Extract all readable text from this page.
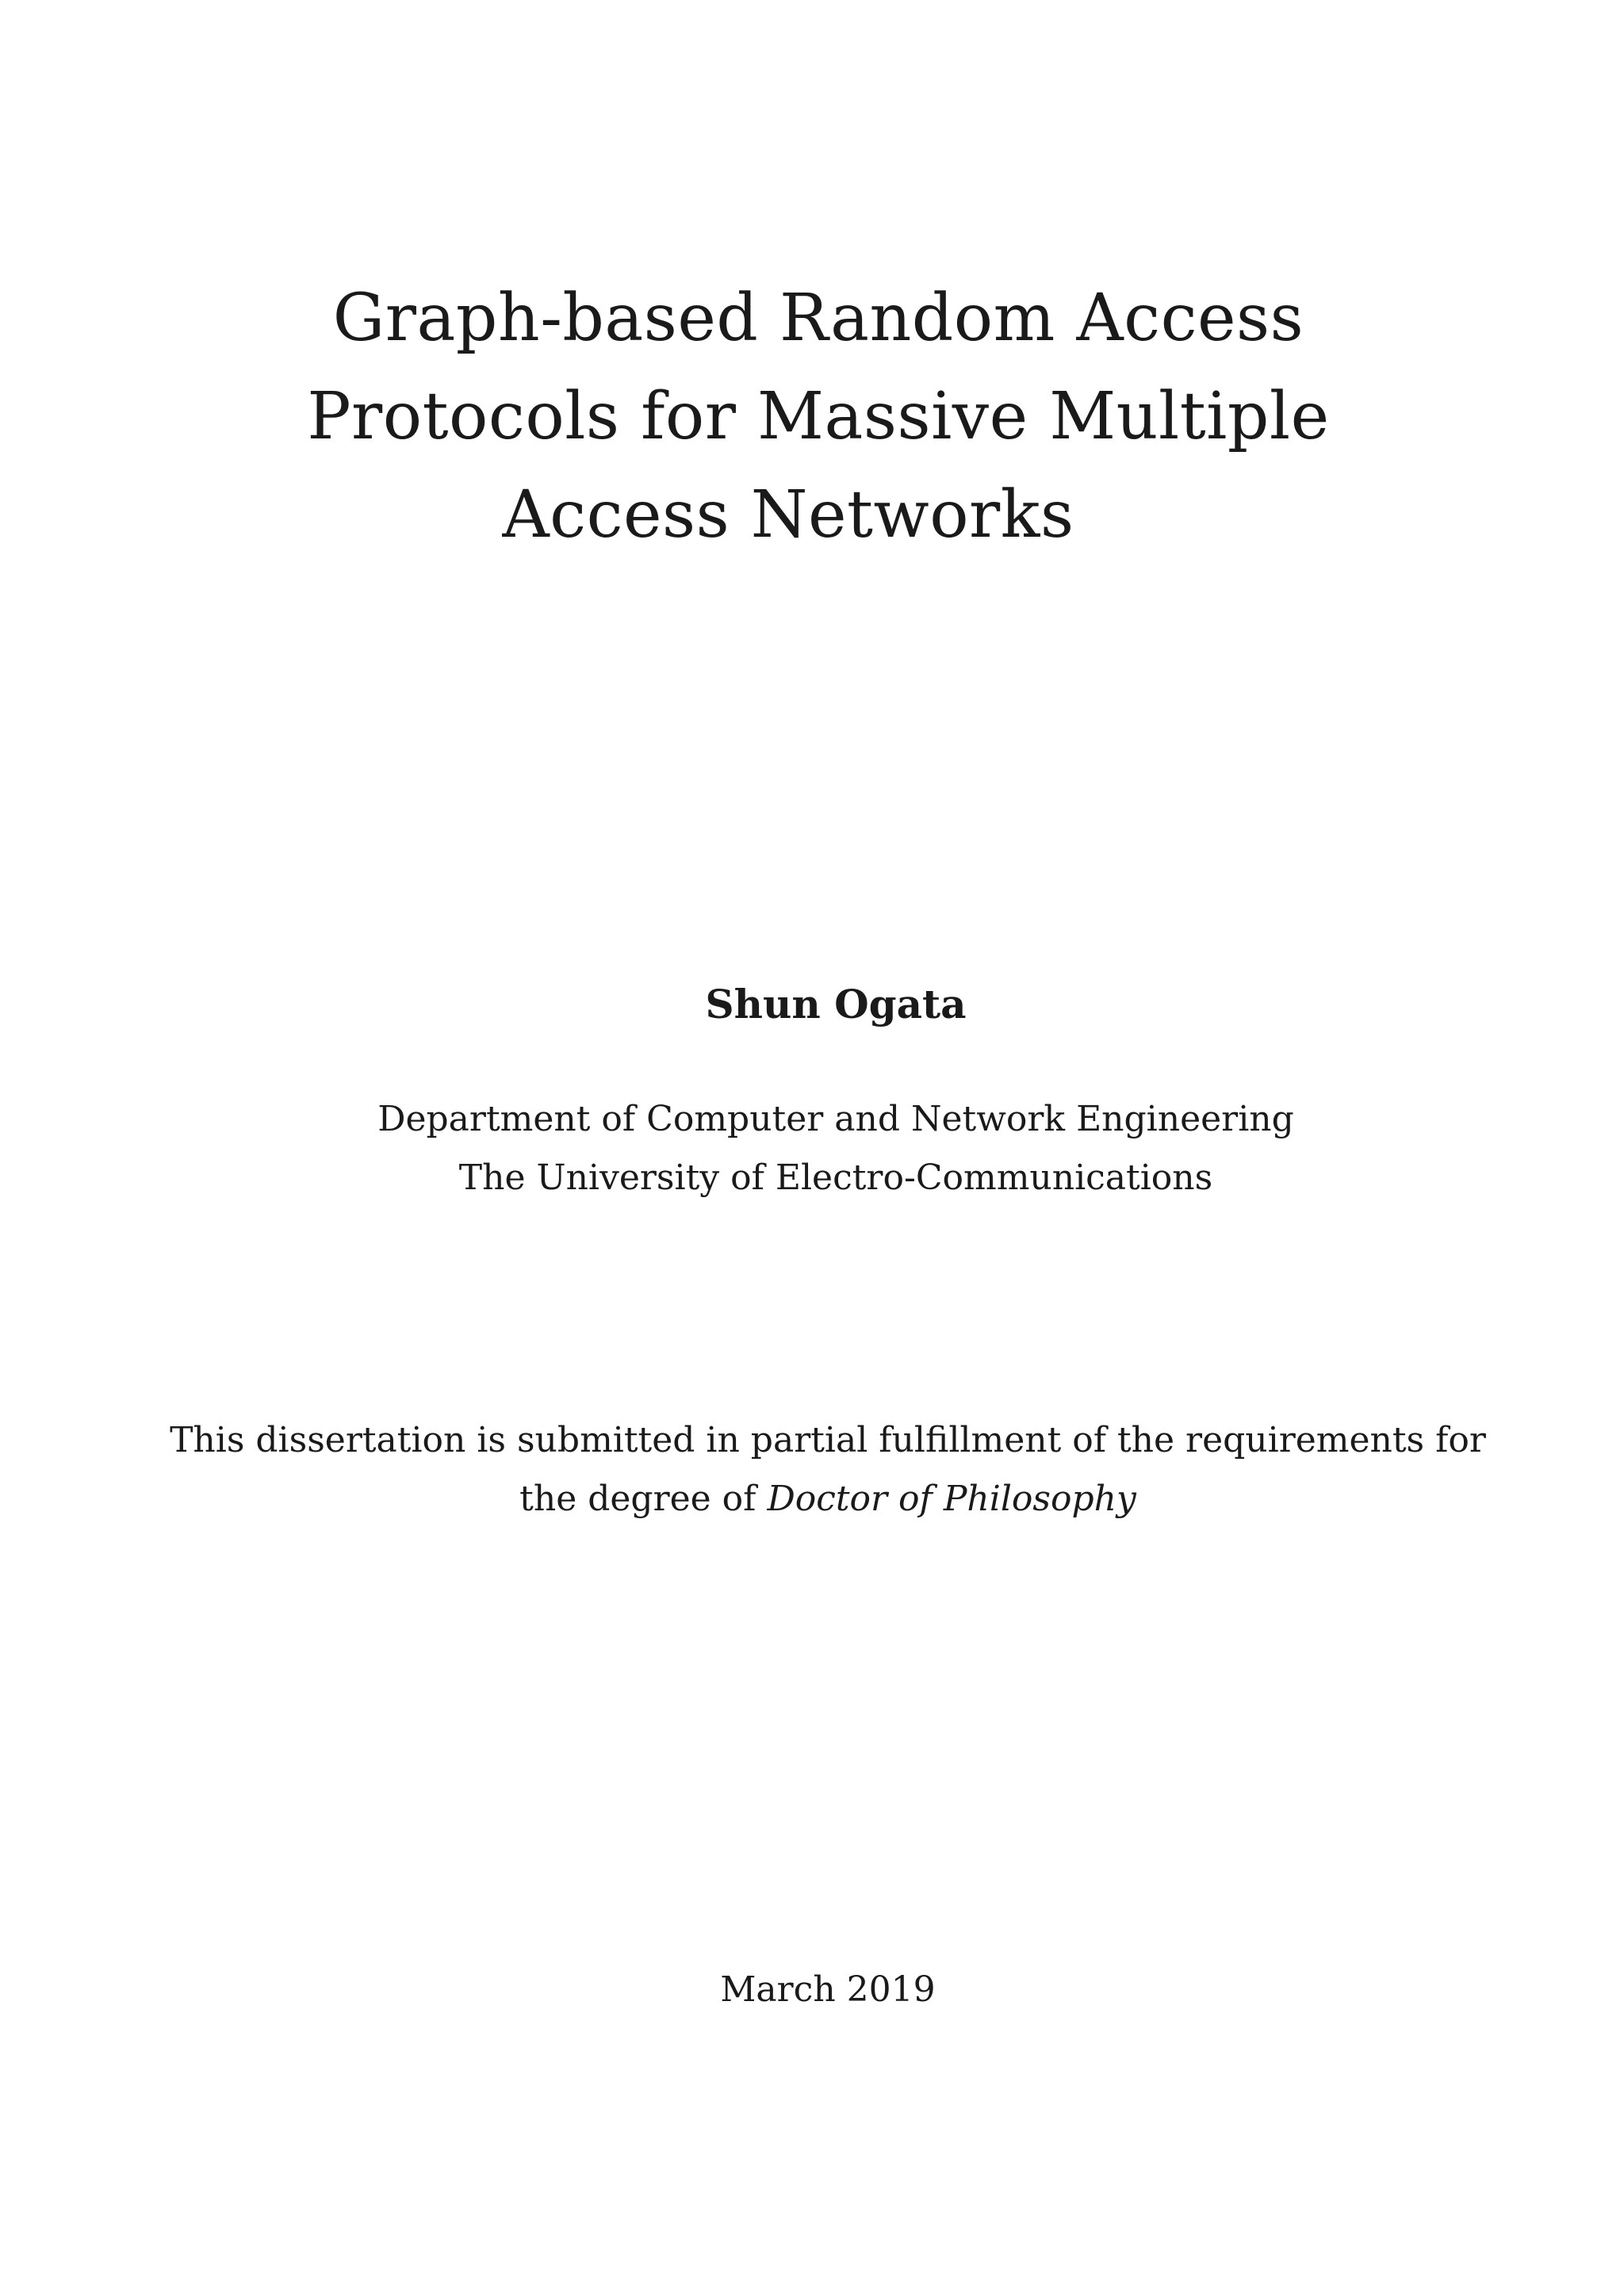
Graph-based Random Access
Protocols for Massive Multiple
Access Networks
Shun Ogata
Department of Computer and Network Engineering
The University of Electro-Communications
This dissertation is submitted in partial fulfillment of the requirements for
the degree of Doctor of Philosophy
March 2019
